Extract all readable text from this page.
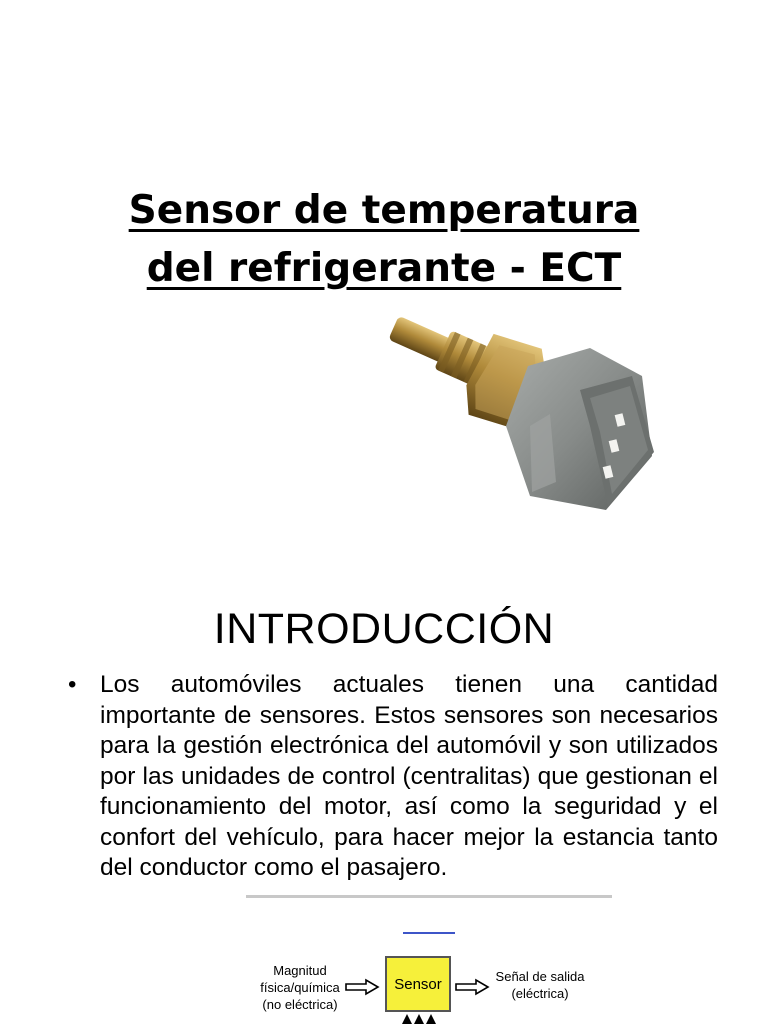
Sensor de temperatura
del refrigerante - ECT
INTRODUCCIÓN
• Los automóviles actuales tienen una cantidad importante de sensores. Estos sensores son necesarios para la gestión electrónica del automóvil y son utilizados por las unidades de control (centralitas) que gestionan el funcionamiento del motor, así como la seguridad y el confort del vehículo, para hacer mejor la estancia tanto del conductor como el pasajero.
Magnitud
física/química
(no eléctrica)
Sensor	Señal de salida
(eléctrica)
